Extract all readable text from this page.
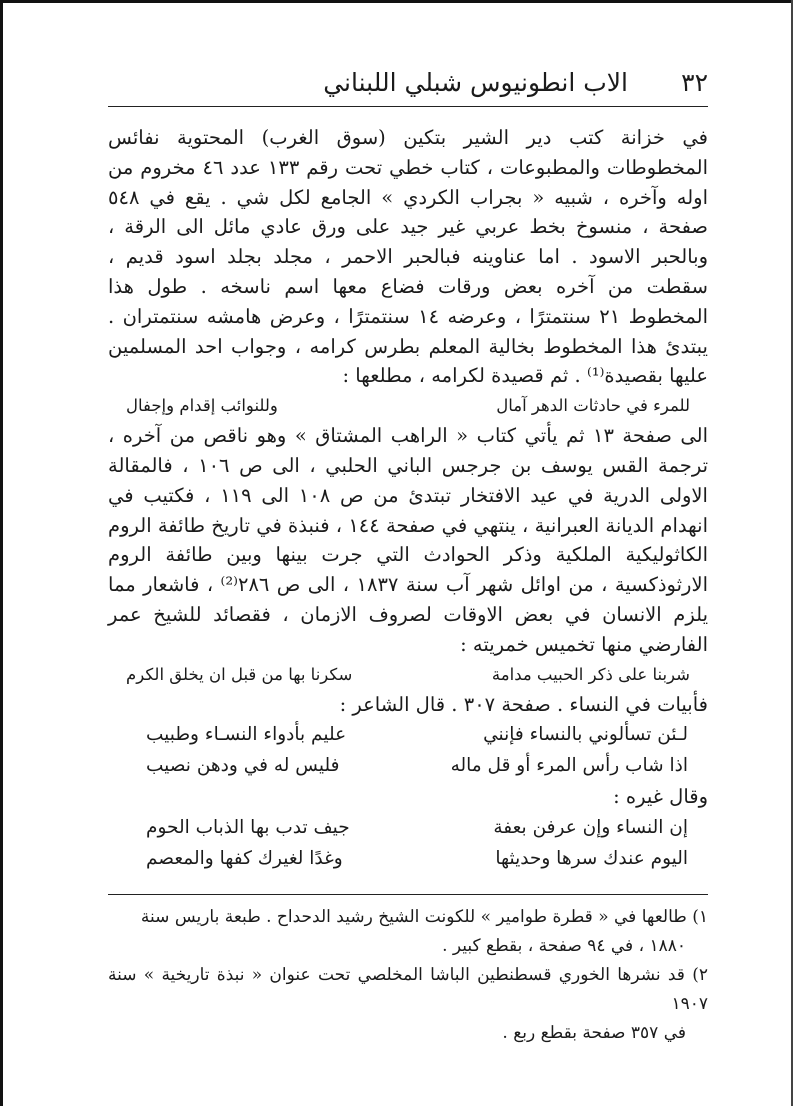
٣٢
الاب انطونيوس شبلي اللبناني

في خزانة كتب دير الشير بتكين (سوق الغرب) المحتوية نفائس المخطوطات والمطبوعات ، كتاب خطي تحت رقم ١٣٣ عدد ٤٦ مخروم من اوله وآخره ، شبيه « بجراب الكردي » الجامع لكل شي . يقع في ٥٤٨ صفحة ، منسوخ بخط عربي غير جيد على ورق عادي مائل الى الرقة ، وبالحبر الاسود . اما عناوينه فبالحبر الاحمر ، مجلد بجلد اسود قديم ، سقطت من آخره بعض ورقات فضاع معها اسم ناسخه . طول هذا المخطوط ٢١ سنتمترًا ، وعرضه ١٤ سنتمترًا ، وعرض هامشه سنتمتران . يبتدئ هذا المخطوط بخالية المعلم بطرس كرامه ، وجواب احد المسلمين عليها بقصيدة⁽¹⁾ . ثم قصيدة لكرامه ، مطلعها :

للمرء في حادثات الدهر آمال
وللنوائب إقدام وإجفال

الى صفحة ١٣ ثم يأتي كتاب « الراهب المشتاق » وهو ناقص من آخره ، ترجمة القس يوسف بن جرجس الباني الحلبي ، الى ص ١٠٦ ، فالمقالة الاولى الدرية في عيد الافتخار تبتدئ من ص ١٠٨ الى ١١٩ ، فكتيب في انهدام الديانة العبرانية ، ينتهي في صفحة ١٤٤ ، فنبذة في تاريخ طائفة الروم الكاثوليكية الملكية وذكر الحوادث التي جرت بينها وبين طائفة الروم الارثوذكسية ، من اوائل شهر آب سنة ١٨٣٧ ، الى ص ٢٨٦⁽²⁾ ، فاشعار مما يلزم الانسان في بعض الاوقات لصروف الازمان ، فقصائد للشيخ عمر الفارضي منها تخميس خمريته :

شربنا على ذكر الحبيب مدامة
سكرنا بها من قبل ان يخلق الكرم

فأبيات في النساء . صفحة ٣٠٧ . قال الشاعر :

لـئن تسألوني بالنساء فإنني
عليم بأدواء النسـاء وطبيب
اذا شاب رأس المرء أو قل ماله
فليس له في ودهن نصيب
وقال غيره :
إن النساء وإن عرفن بعفة
جيف تدب بها الذباب الحوم
اليوم عندك سرها وحديثها
وغدًا لغيرك كفها والمعصم

١) طالعها في « قطرة طوامير » للكونت الشيخ رشيد الدحداح . طبعة باريس سنة

١٨٨٠ ، في ٩٤ صفحة ، بقطع كبير .

٢) قد نشرها الخوري قسطنطين الباشا المخلصي تحت عنوان « نبذة تاريخية » سنة ١٩٠٧

في ٣٥٧ صفحة بقطع ربع .
